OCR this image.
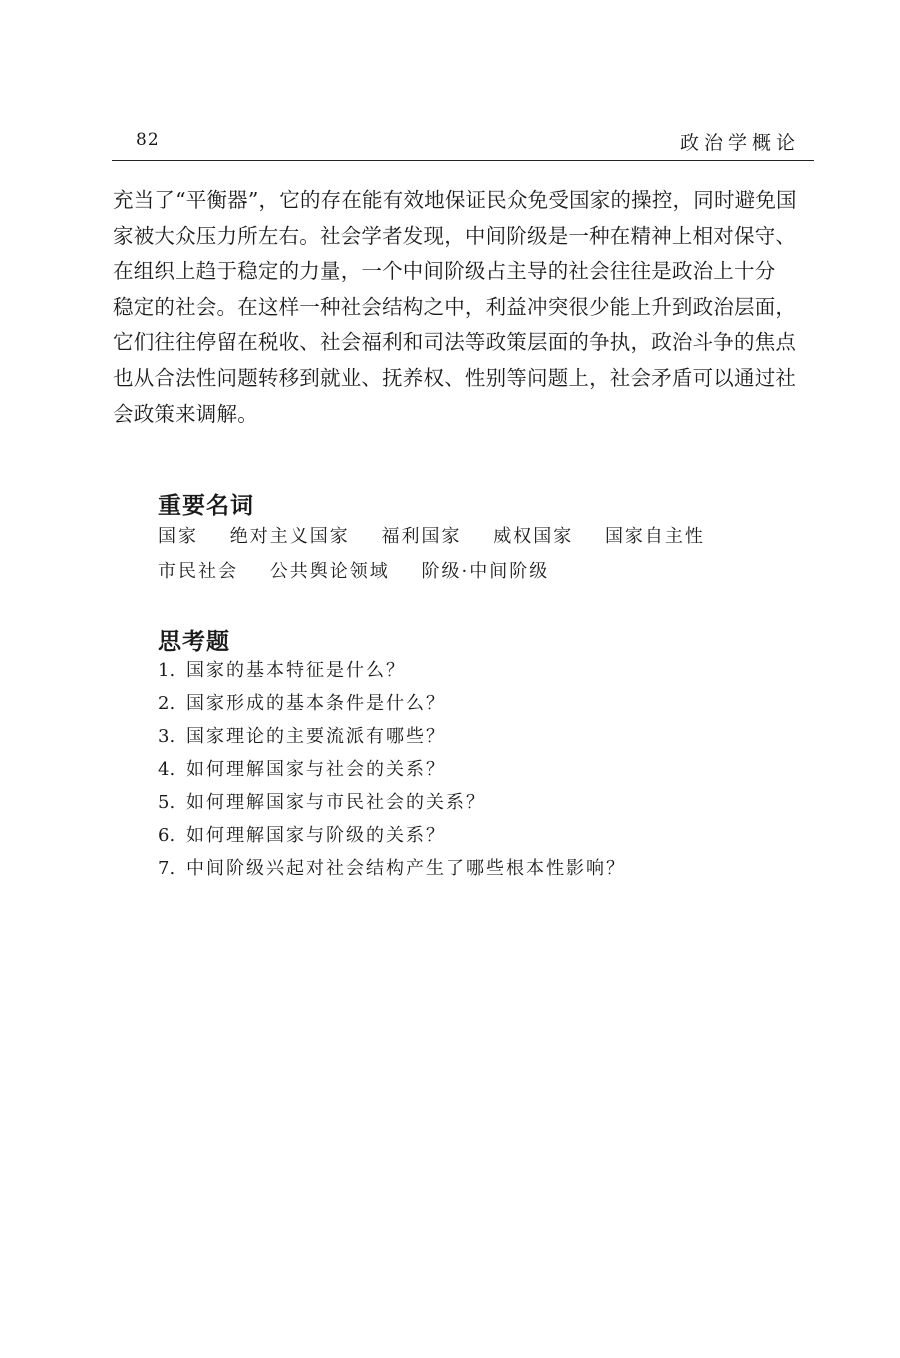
82	政治学概论

充当了“平衡器”，它的存在能有效地保证民众免受国家的操控，同时避免国
家被大众压力所左右。社会学者发现，中间阶级是一种在精神上相对保守、
在组织上趋于稳定的力量，一个中间阶级占主导的社会往往是政治上十分
稳定的社会。在这样一种社会结构之中，利益冲突很少能上升到政治层面，
它们往往停留在税收、社会福利和司法等政策层面的争执，政治斗争的焦点
也从合法性问题转移到就业、抚养权、性别等问题上，社会矛盾可以通过社
会政策来调解。

重要名词
国家 绝对主义国家 福利国家 威权国家 国家自主性
市民社会 公共舆论领域 阶级·中间阶级
思考题
1. 国家的基本特征是什么？
2. 国家形成的基本条件是什么？
3. 国家理论的主要流派有哪些？
4. 如何理解国家与社会的关系？
5. 如何理解国家与市民社会的关系？
6. 如何理解国家与阶级的关系？
7. 中间阶级兴起对社会结构产生了哪些根本性影响？
